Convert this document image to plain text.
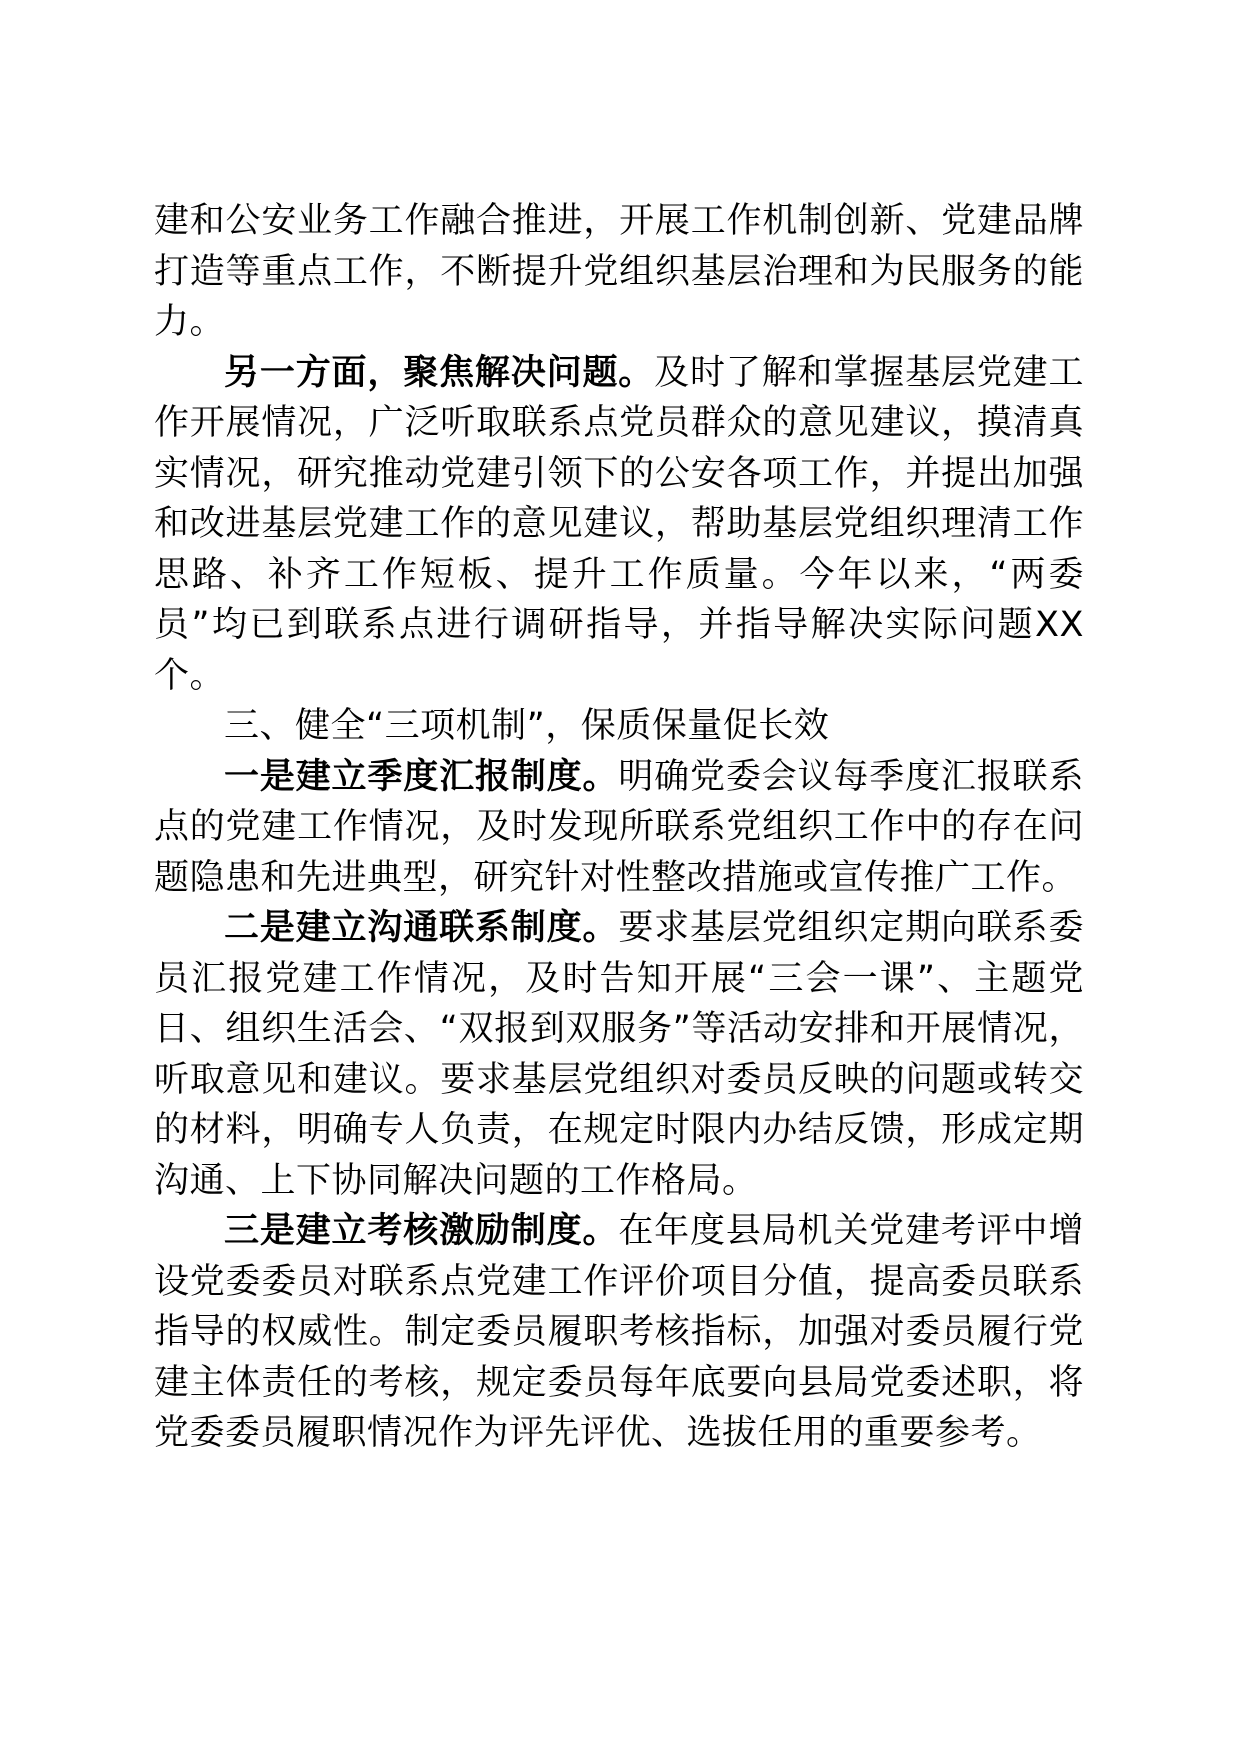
建和公安业务工作融合推进，开展工作机制创新、党建品牌打造等重点工作，不断提升党组织基层治理和为民服务的能力。

另一方面，聚焦解决问题。及时了解和掌握基层党建工作开展情况，广泛听取联系点党员群众的意见建议，摸清真实情况，研究推动党建引领下的公安各项工作，并提出加强和改进基层党建工作的意见建议，帮助基层党组织理清工作思路、补齐工作短板、提升工作质量。今年以来，“两委员”均已到联系点进行调研指导，并指导解决实际问题XX个。

三、健全“三项机制”，保质保量促长效

一是建立季度汇报制度。明确党委会议每季度汇报联系点的党建工作情况，及时发现所联系党组织工作中的存在问题隐患和先进典型，研究针对性整改措施或宣传推广工作。

二是建立沟通联系制度。要求基层党组织定期向联系委员汇报党建工作情况，及时告知开展“三会一课”、主题党日、组织生活会、“双报到双服务”等活动安排和开展情况，听取意见和建议。要求基层党组织对委员反映的问题或转交的材料，明确专人负责，在规定时限内办结反馈，形成定期沟通、上下协同解决问题的工作格局。

三是建立考核激励制度。在年度县局机关党建考评中增设党委委员对联系点党建工作评价项目分值，提高委员联系指导的权威性。制定委员履职考核指标，加强对委员履行党建主体责任的考核，规定委员每年底要向县局党委述职，将党委委员履职情况作为评先评优、选拔任用的重要参考。
